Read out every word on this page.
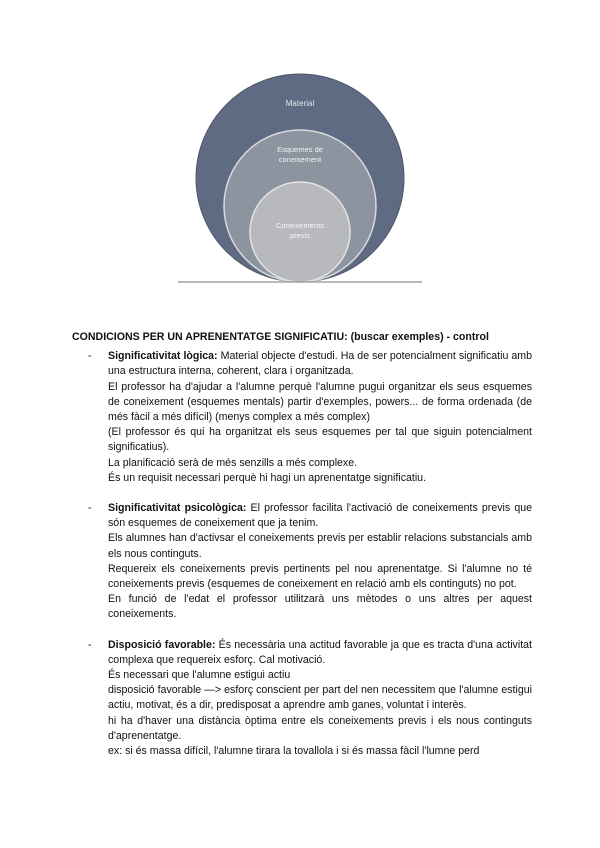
Material
Esquemes de
coneixement
Coneixements
previs
CONDICIONS PER UN APRENENTATGE SIGNIFICATIU: (buscar exemples) - control
- Significativitat lògica: Material objecte d'estudi. Ha de ser potencialment significatiu amb una estructura interna, coherent, clara i organitzada.

El professor ha d'ajudar a l'alumne perquè l'alumne pugui organitzar els seus esquemes de coneixement (esquemes mentals) partir d'exemples, powers... de forma ordenada (de més fàcil a més difícil) (menys complex a més complex)

(El professor és qui ha organitzat els seus esquemes per tal que siguin potencialment significatius).

La planificació serà de més senzills a més complexe.

És un requisit necessari perquè hi hagi un aprenentatge significatiu.

- Significativitat psicològica: El professor facilita l'activació de coneixements previs que són esquemes de coneixement que ja tenim.

Els alumnes han d'activsar el coneixements previs per establir relacions substancials amb els nous continguts.

Requereix els coneixements previs pertinents pel nou aprenentatge. Si l'alumne no té coneixements previs (esquemes de coneixement en relació amb els continguts) no pot.

En funció de l'edat el professor utilitzarà uns mètodes o uns altres per aquest coneixements.

- Disposició favorable: És necessària una actitud favorable ja que es tracta d'una activitat complexa que requereix esforç. Cal motivació.

És necessari que l'alumne estigui actiu

disposició favorable —> esforç conscient per part del nen necessitem que l'alumne estigui actiu, motivat, és a dir, predisposat a aprendre amb ganes, voluntat i interès.

hi ha d'haver una distància òptima entre els coneixements previs i els nous continguts d'aprenentatge.

ex: si és massa difícil, l'alumne tirara la tovallola i si és massa fàcil l'lumne perd
